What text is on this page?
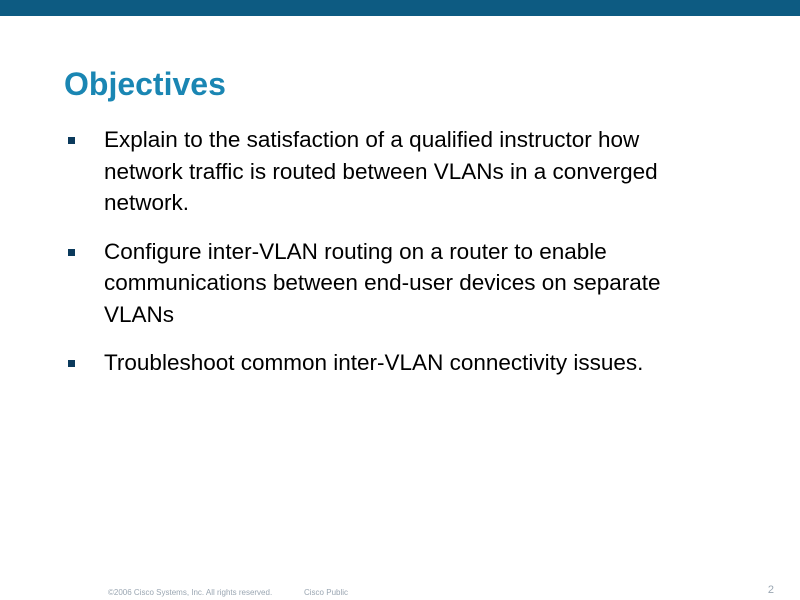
Objectives
Explain to the satisfaction of a qualified instructor how network traffic is routed between VLANs in a converged network.
Configure inter-VLAN routing on a router to enable communications between end-user devices on separate VLANs
Troubleshoot common inter-VLAN connectivity issues.
©2006 Cisco Systems, Inc. All rights reserved.	Cisco Public	2
